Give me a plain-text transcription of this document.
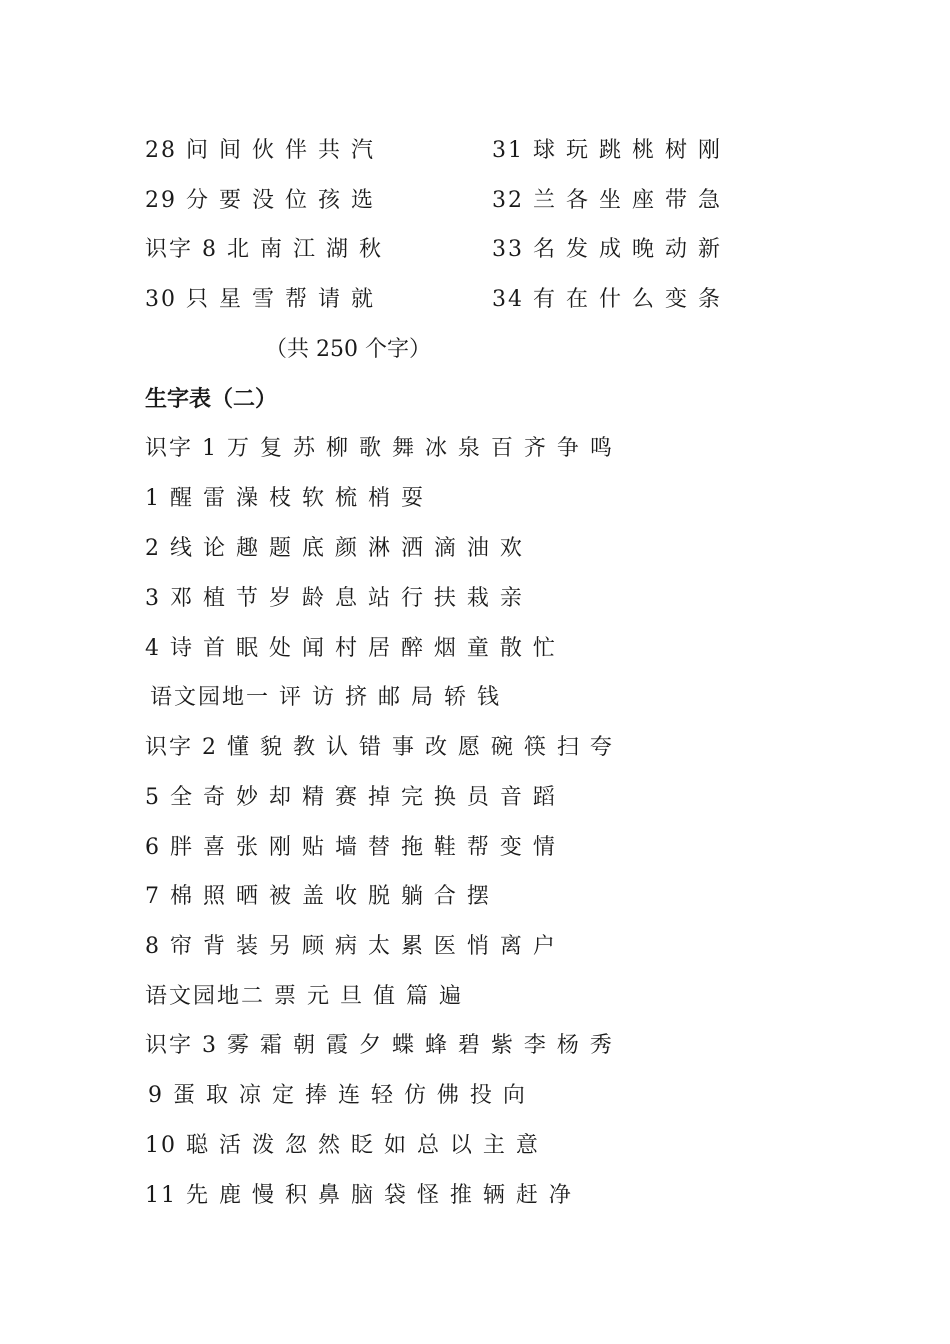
28 问 间 伙 伴 共 汽
29 分 要 没 位 孩 选
识字 8 北 南 江 湖 秋
30 只 星 雪 帮 请 就
31 球 玩 跳 桃 树 刚
32 兰 各 坐 座 带 急
33 名 发 成 晚 动 新
34 有 在 什 么 变 条
（共 250 个字）
生字表（二）
识字 1 万 复 苏 柳 歌 舞 冰 泉 百 齐 争 鸣
1 醒 雷 澡 枝 软 梳 梢 耍
2 线 论 趣 题 底 颜 淋 洒 滴 油 欢
3 邓 植 节 岁 龄 息 站 行 扶 栽 亲
4 诗 首 眠 处 闻 村 居 醉 烟 童 散 忙
语文园地一 评 访 挤 邮 局 轿 钱
识字 2 懂 貌 教 认 错 事 改 愿 碗 筷 扫 夸
5 全 奇 妙 却 精 赛 掉 完 换 员 音 蹈
6 胖 喜 张 刚 贴 墙 替 拖 鞋 帮 变 情
7 棉 照 晒 被 盖 收 脱 躺 合 摆
8 帘 背 装 另 顾 病 太 累 医 悄 离 户
语文园地二 票 元 旦 值 篇 遍
识字 3 雾 霜 朝 霞 夕 蝶 蜂 碧 紫 李 杨 秀
9 蛋 取 凉 定 捧 连 轻 仿 佛 投 向
10 聪 活 泼 忽 然 眨 如 总 以 主 意
11 先 鹿 慢 积 鼻 脑 袋 怪 推 辆 赶 净
